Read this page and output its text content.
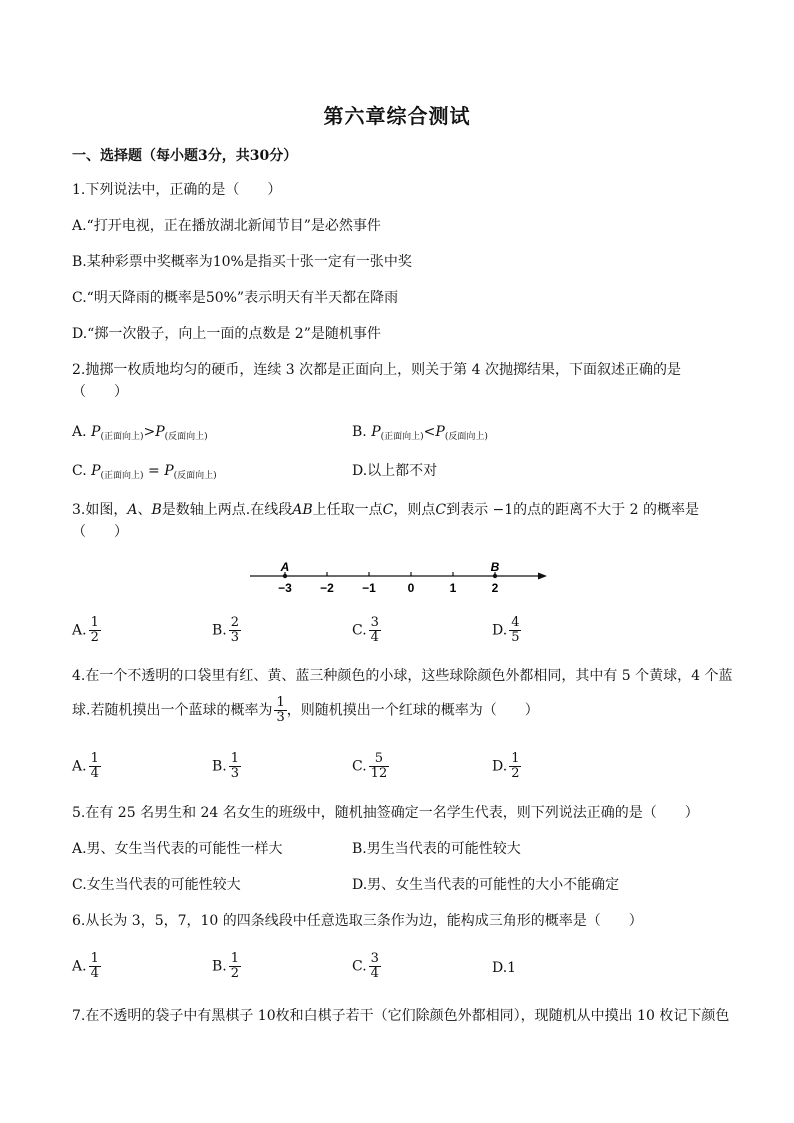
第六章综合测试
一、选择题（每小题3分，共30分）
1.下列说法中，正确的是（　　）
A.“打开电视，正在播放湖北新闻节目”是必然事件
B.某种彩票中奖概率为10%是指买十张一定有一张中奖
C.“明天降雨的概率是50%”表示明天有半天都在降雨
D.“掷一次骰子，向上一面的点数是 2”是随机事件
2.抛掷一枚质地均匀的硬币，连续 3 次都是正面向上，则关于第 4 次抛掷结果，下面叙述正确的是
（　　）
A. $P_{(正面向上)}>P_{(反面向上)}$	B. $P_{(正面向上)}<P_{(反面向上)}$
C. $P_{(正面向上)} = P_{(反面向上)}$	D.以上都不对
3.如图，A、B是数轴上两点.在线段AB上任取一点C，则点C到表示 −1的点的距离不大于 2 的概率是
（　　）
−3 −2 −1	0	1	2
A	B
A. $\frac{1}{2}$	B. $\frac{2}{3}$	C. $\frac{3}{4}$	D. $\frac{4}{5}$
4.在一个不透明的口袋里有红、黄、蓝三种颜色的小球，这些球除颜色外都相同，其中有 5 个黄球，4 个蓝
球.若随机摸出一个蓝球的概率为 $\frac{1}{3}$ ，则随机摸出一个红球的概率为（　　）
A. $\frac{1}{4}$	B. $\frac{1}{3}$	C. $\frac{5}{12}$	D. $\frac{1}{2}$
5.在有 25 名男生和 24 名女生的班级中，随机抽签确定一名学生代表，则下列说法正确的是（　　）
A.男、女生当代表的可能性一样大	B.男生当代表的可能性较大
C.女生当代表的可能性较大	D.男、女生当代表的可能性的大小不能确定
6.从长为 3，5，7，10 的四条线段中任意选取三条作为边，能构成三角形的概率是（　　）
A. $\frac{1}{4}$	B. $\frac{1}{2}$	C. $\frac{3}{4}$	D.1
7.在不透明的袋子中有黑棋子 10枚和白棋子若干（它们除颜色外都相同），现随机从中摸出 10 枚记下颜色
